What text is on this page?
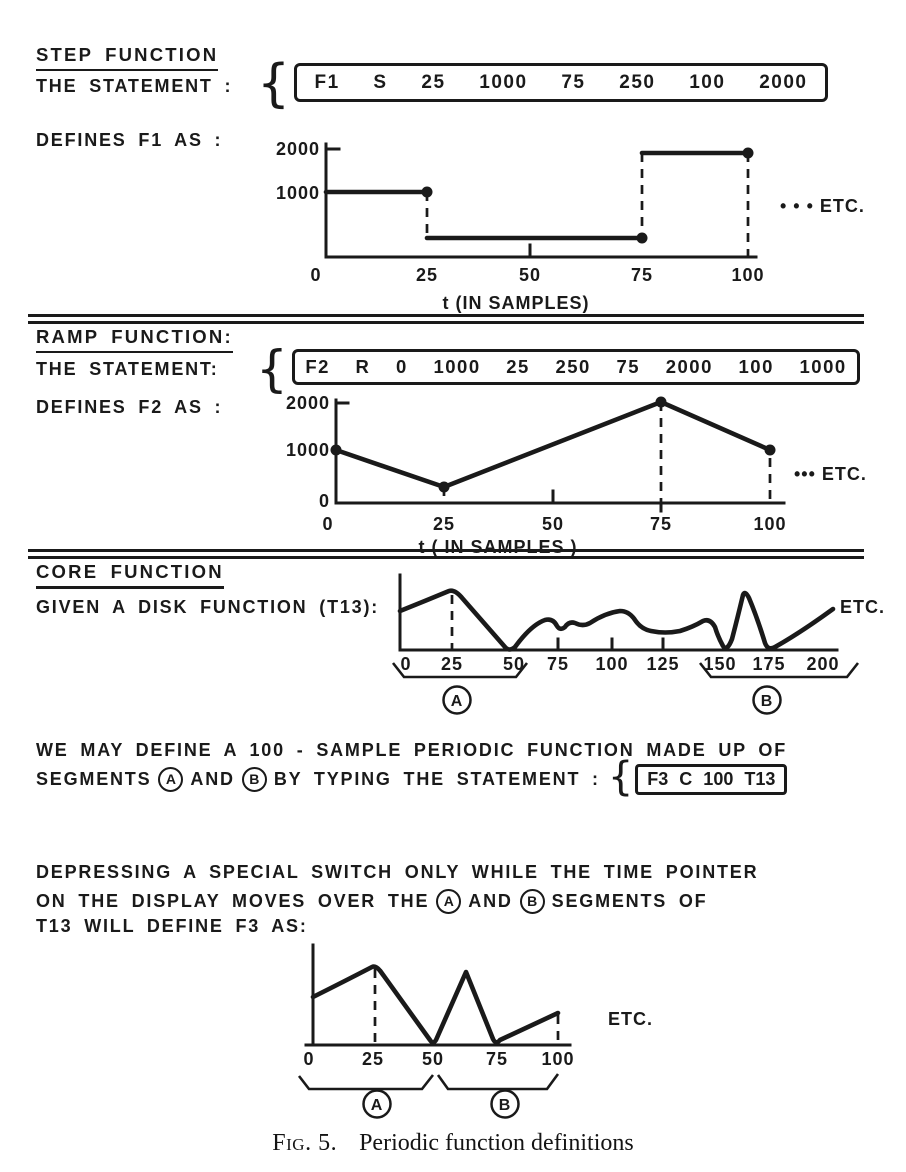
STEP FUNCTION
THE STATEMENT : { F1 S 25 1000 75 250 100 2000
DEFINES F1 AS :	2000
1000
0	25	50	75	100
t (IN SAMPLES)
• • • ETC.
RAMP FUNCTION:
THE STATEMENT: { F2 R 0 1000 25 250 75 2000 100 1000
DEFINES F2 AS :	2000
1000
0
0	25	50	75	100
t ( IN SAMPLES )
••• ETC.
CORE FUNCTION
GIVEN A DISK FUNCTION (T13):
0 25 50 75 100 125 150 175 200
ETC.
A	B
WE MAY DEFINE A 100 - SAMPLE PERIODIC FUNCTION MADE UP OF
SEGMENTS	A AND	B BY TYPING THE STATEMENT : { F3 C 100 T13
DEPRESSING A SPECIAL SWITCH ONLY WHILE THE TIME POINTER
ON THE DISPLAY MOVES OVER THE	A AND	B SEGMENTS OF
T13 WILL DEFINE F3 AS:
0	25 50 75 100
ETC.
A	B
Fig. 5. Periodic function definitions
